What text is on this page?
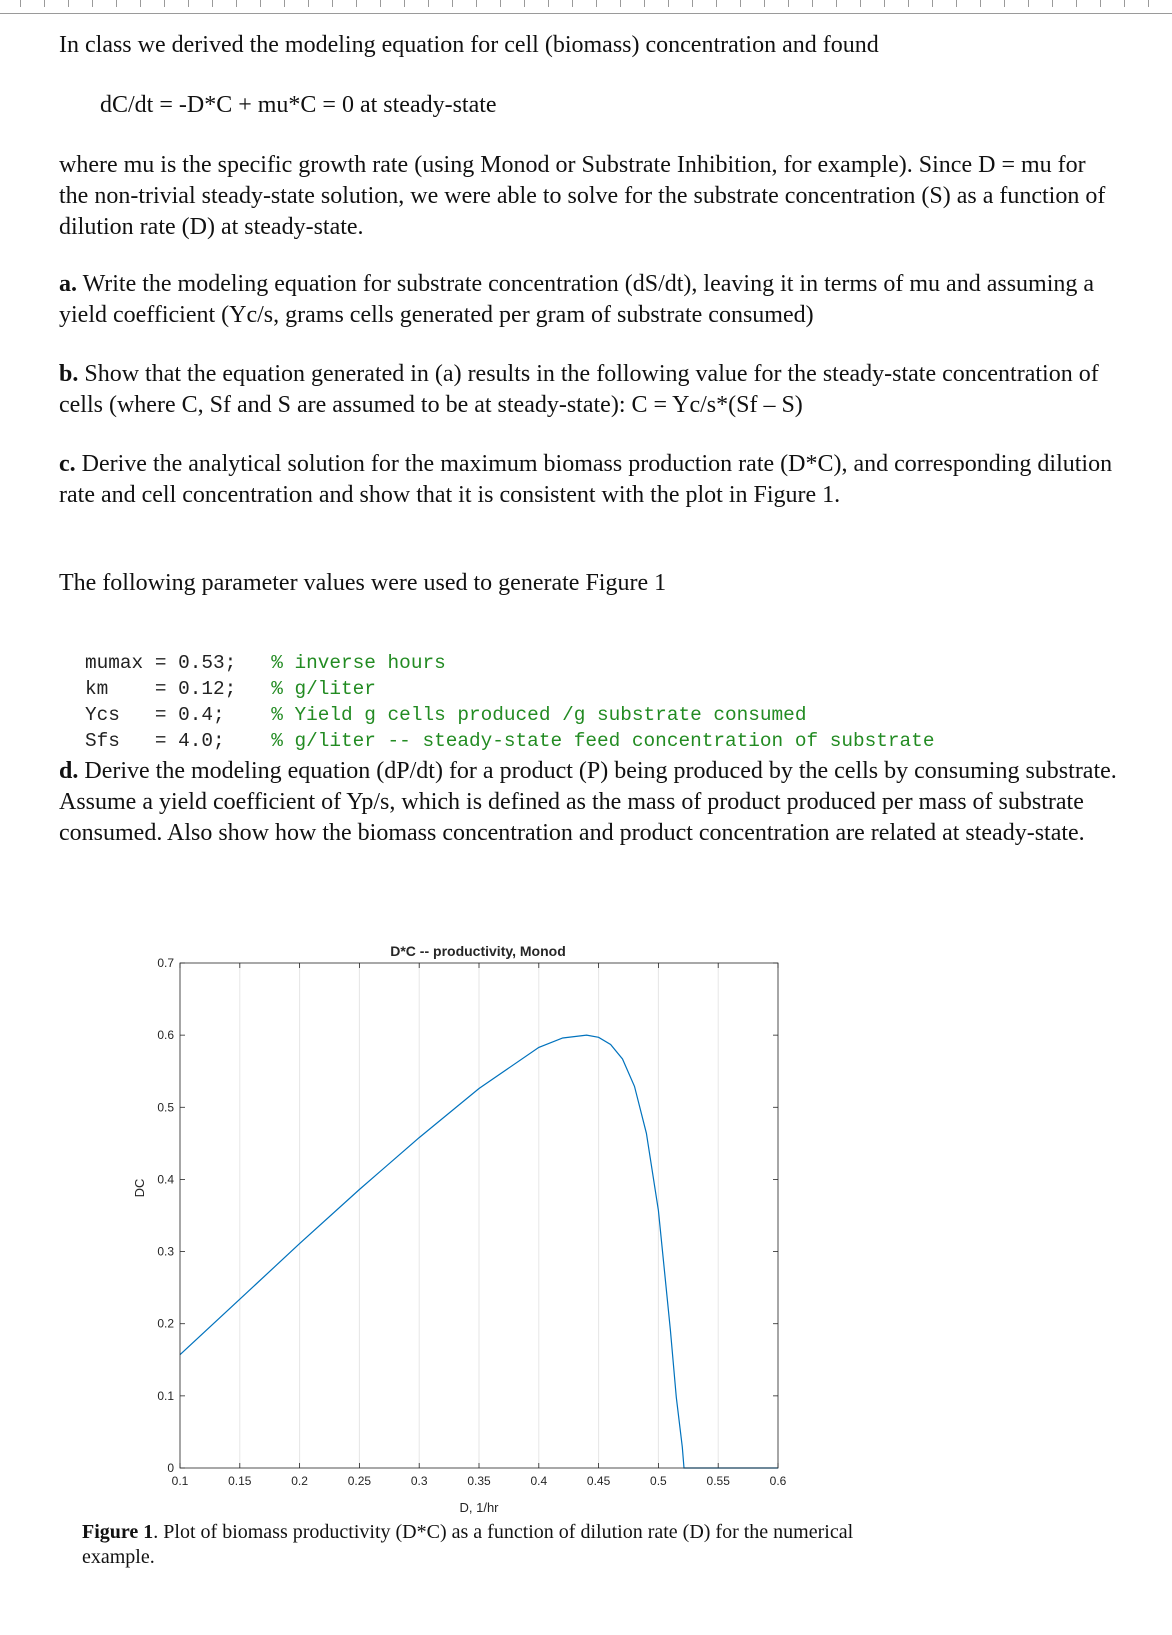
In class we derived the modeling equation for cell (biomass) concentration and found

dC/dt = -D*C + mu*C = 0 at steady-state

where mu is the specific growth rate (using Monod or Substrate Inhibition, for example). Since D = mu for the non-trivial steady-state solution, we were able to solve for the substrate concentration (S) as a function of dilution rate (D) at steady-state.

a. Write the modeling equation for substrate concentration (dS/dt), leaving it in terms of mu and assuming a yield coefficient (Yc/s, grams cells generated per gram of substrate consumed)

b. Show that the equation generated in (a) results in the following value for the steady-state concentration of cells (where C, Sf and S are assumed to be at steady-state): C = Yc/s*(Sf – S)

c. Derive the analytical solution for the maximum biomass production rate (D*C), and corresponding dilution rate and cell concentration and show that it is consistent with the plot in Figure 1.

The following parameter values were used to generate Figure 1

mumax = 0.53;   % inverse hours
km    = 0.12;   % g/liter
Ycs   = 0.4;    % Yield g cells produced /g substrate consumed
Sfs   = 4.0;    % g/liter -- steady-state feed concentration of substrate

d. Derive the modeling equation (dP/dt) for a product (P) being produced by the cells by consuming substrate. Assume a yield coefficient of Yp/s, which is defined as the mass of product produced per mass of substrate consumed. Also show how the biomass concentration and product concentration are related at steady-state.

0.1	0.15	0.2	0.25	0.3	0.35	0.4	0.45	0.5	0.55	0.6
0
0.1
0.2
0.3
0.4
0.5
0.6
0.7
D*C -- productivity, Monod
D, 1/hr
DC
Figure 1. Plot of biomass productivity (D*C) as a function of dilution rate (D) for the numerical example.
